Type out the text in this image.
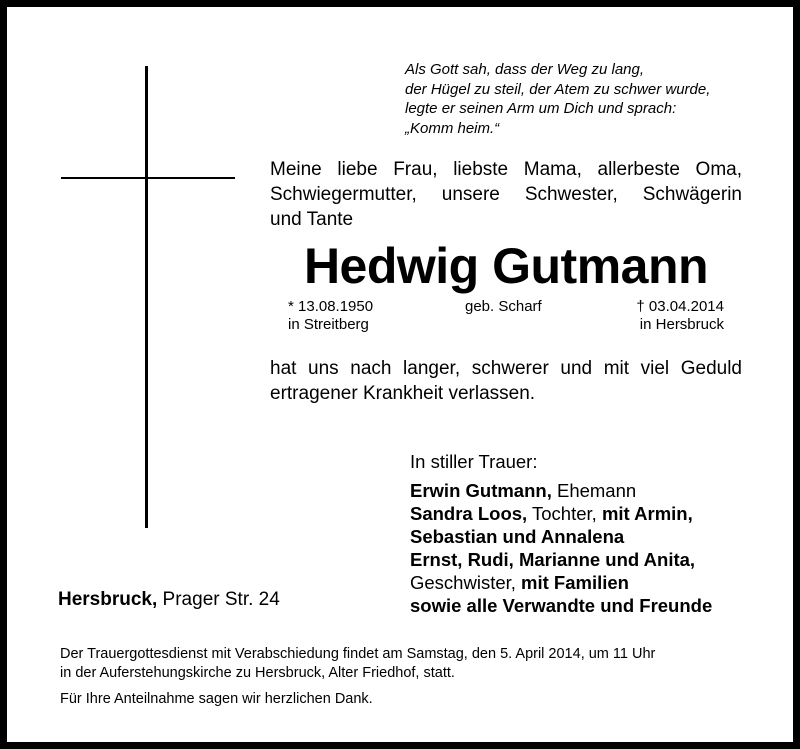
Als Gott sah, dass der Weg zu lang,
der Hügel zu steil, der Atem zu schwer wurde,
legte er seinen Arm um Dich und sprach:
„Komm heim.“
Meine liebe Frau, liebste Mama, allerbeste Oma,
Schwiegermutter, unsere Schwester, Schwägerin
und Tante
Hedwig Gutmann
* 13.08.1950
in Streitberg
geb. Scharf	† 03.04.2014
in Hersbruck
hat uns nach langer, schwerer und mit viel Geduld
ertragener Krankheit verlassen.
In stiller Trauer:
Erwin Gutmann, Ehemann
Sandra Loos, Tochter, mit Armin,
Sebastian und Annalena
Ernst, Rudi, Marianne und Anita,
Geschwister, mit Familien
sowie alle Verwandte und Freunde
Hersbruck, Prager Str. 24
Der Trauergottesdienst mit Verabschiedung findet am Samstag, den 5. April 2014, um 11 Uhr
in der Auferstehungskirche zu Hersbruck, Alter Friedhof, statt.
Für Ihre Anteilnahme sagen wir herzlichen Dank.
